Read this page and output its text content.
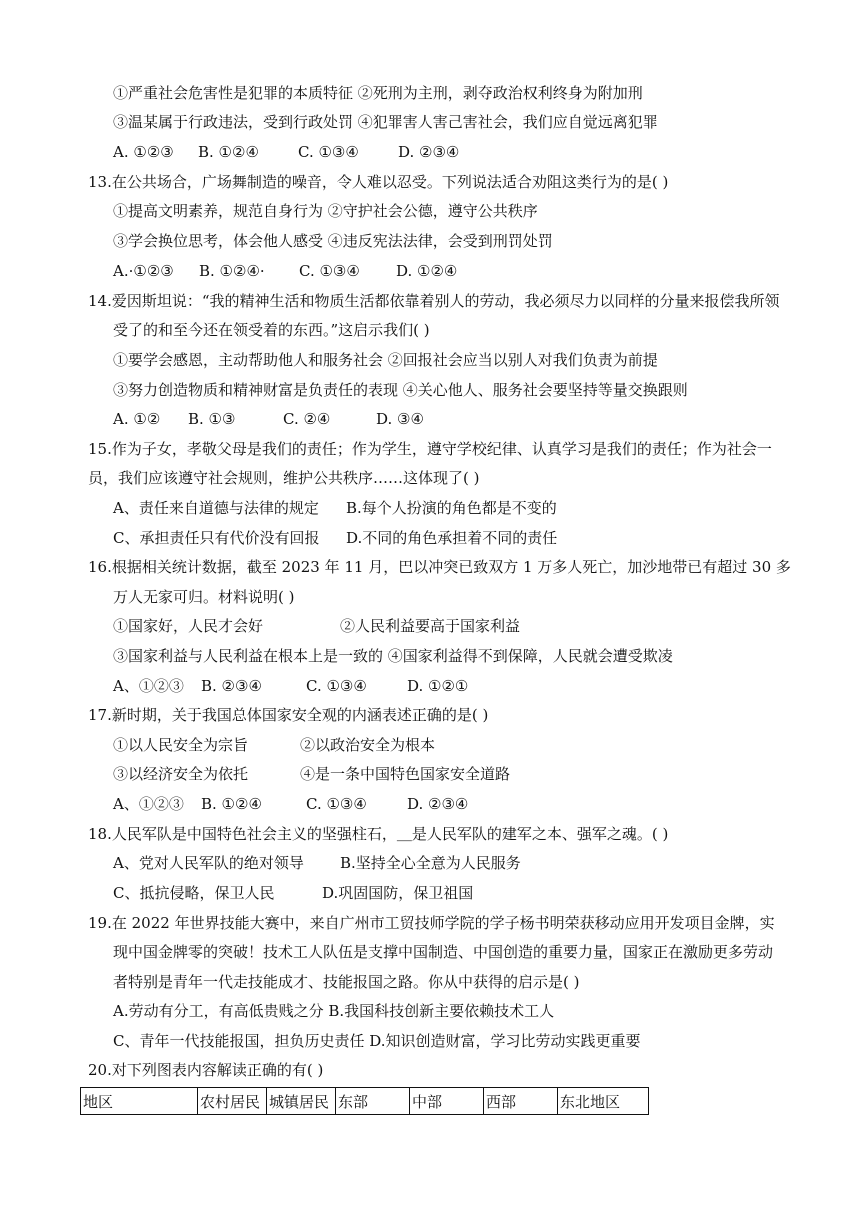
①严重社会危害性是犯罪的本质特征 ②死刑为主刑，剥夺政治权利终身为附加刑
③温某属于行政违法，受到行政处罚 ④犯罪害人害己害社会，我们应自觉远离犯罪
A. ①②③ B. ①②④	C. ①③④	D. ②③④
13.在公共场合，广场舞制造的噪音，令人难以忍受。下列说法适合劝阻这类行为的是( )
①提高文明素养，规范自身行为 ②守护社会公德，遵守公共秩序
③学会换位思考，体会他人感受 ④违反宪法法律，会受到刑罚处罚
A.·①②③ B. ①②④· C. ①③④ D. ①②④
14.爱因斯坦说：“我的精神生活和物质生活都依靠着别人的劳动，我必须尽力以同样的分量来报偿我所领
受了的和至今还在领受着的东西。”这启示我们( )
①要学会感恩，主动帮助他人和服务社会 ②回报社会应当以别人对我们负责为前提
③努力创造物质和精神财富是负责任的表现 ④关心他人、服务社会要坚持等量交换跟则
A. ①② B. ①③	C. ②④	D. ③④
15.作为子女，孝敬父母是我们的责任；作为学生，遵守学校纪律、认真学习是我们的责任；作为社会一
员，我们应该遵守社会规则，维护公共秩序……这体现了( )
A、责任来自道德与法律的规定 B.每个人扮演的角色都是不变的
C、承担责任只有代价没有回报 D.不同的角色承担着不同的责任
16.根据相关统计数据，截至 2023 年 11 月，巴以冲突已致双方 1 万多人死亡，加沙地带已有超过 30 多
万人无家可归。材料说明( )
①国家好，人民才会好	②人民利益要高于国家利益
③国家利益与人民利益在根本上是一致的 ④国家利益得不到保障，人民就会遭受欺凌
A、①②③ B. ②③④	C. ①③④	D. ①②①
17.新时期，关于我国总体国家安全观的内涵表述正确的是( )
①以人民安全为宗旨	②以政治安全为根本
③以经济安全为依托	④是一条中国特色国家安全道路
A、①②③ B. ①②④	C. ①③④	D. ②③④
18.人民军队是中国特色社会主义的坚强柱石，＿是人民军队的建军之本、强军之魂。( )
A、党对人民军队的绝对领导 B.坚持全心全意为人民服务
C、抵抗侵略，保卫人民	D.巩固国防，保卫祖国
19.在 2022 年世界技能大赛中，来自广州市工贸技师学院的学子杨书明荣获移动应用开发项目金牌，实
现中国金牌零的突破！技术工人队伍是支撑中国制造、中国创造的重要力量，国家正在激励更多劳动
者特别是青年一代走技能成才、技能报国之路。你从中获得的启示是( )
A.劳动有分工，有高低贵贱之分 B.我国科技创新主要依赖技术工人
C、青年一代技能报国，担负历史责任 D.知识创造财富，学习比劳动实践更重要
20.对下列图表内容解读正确的有( )
地区	农村居民	城镇居民	东部	中部	西部	东北地区
